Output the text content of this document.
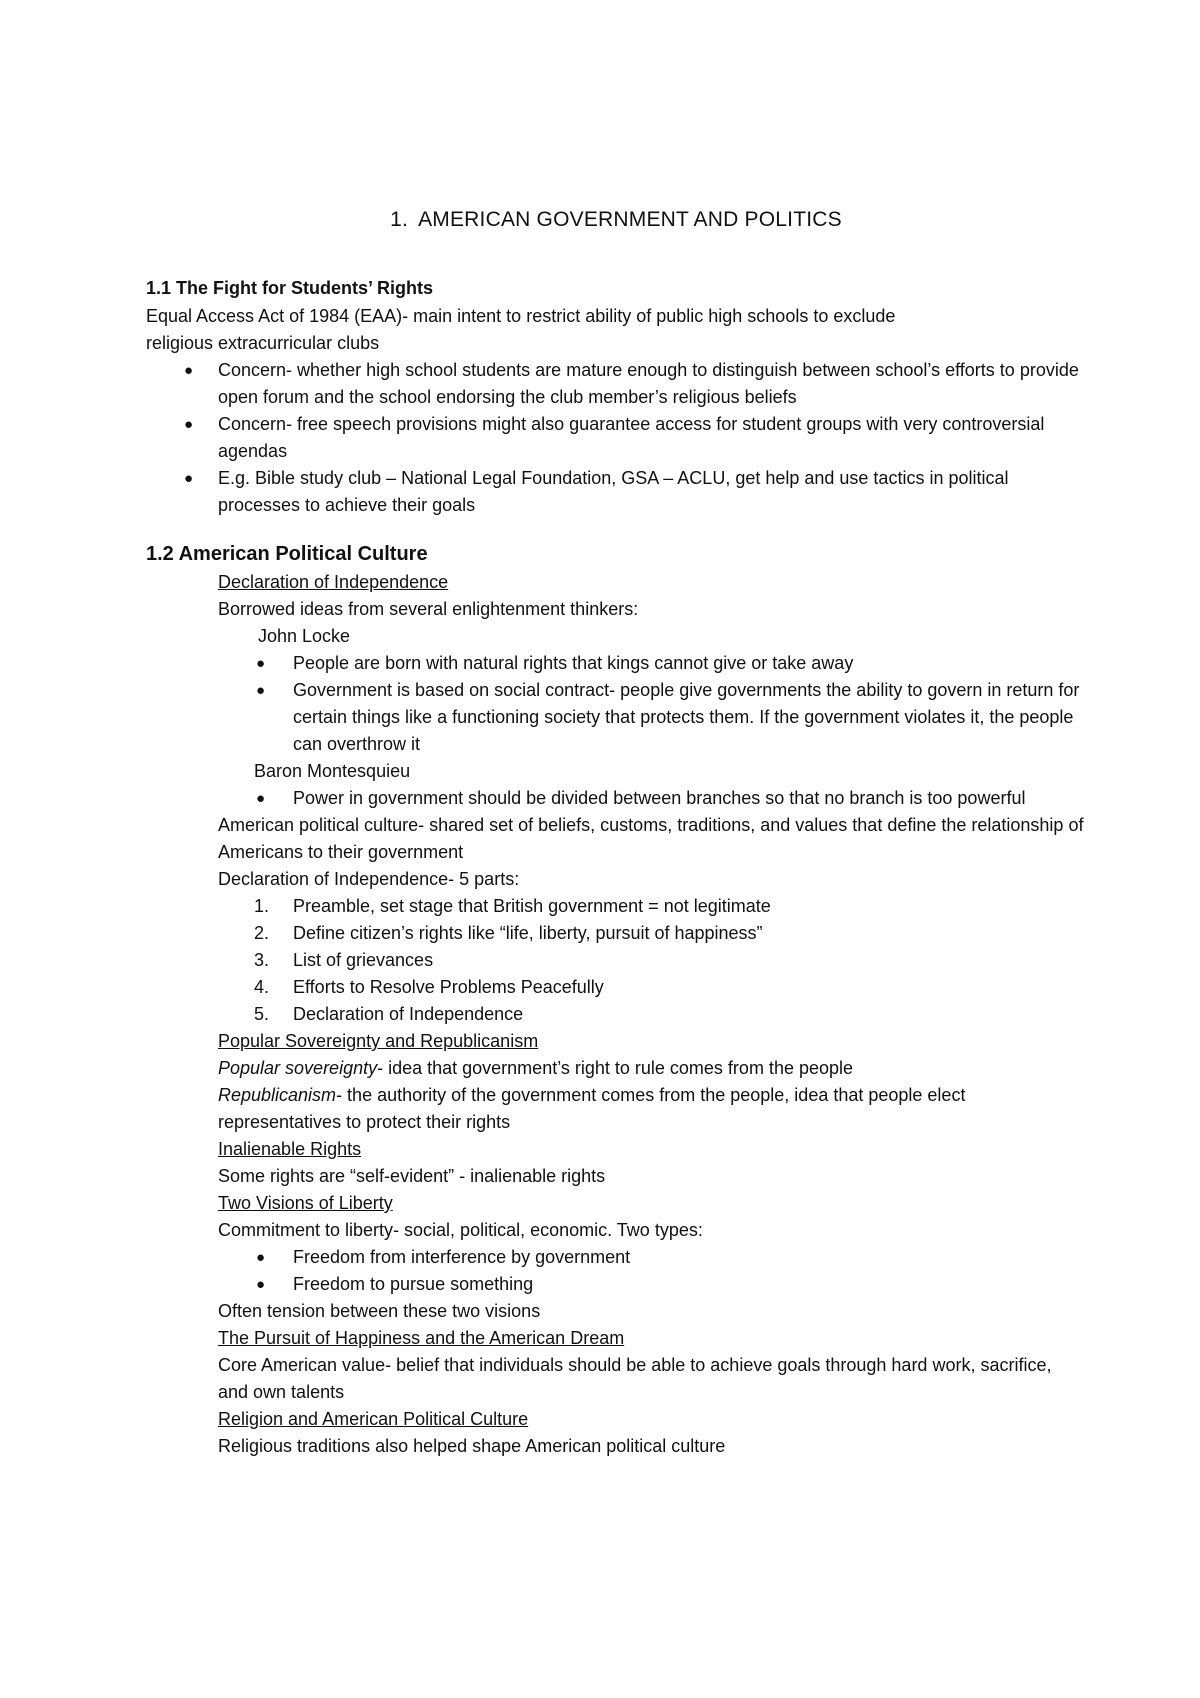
1. AMERICAN GOVERNMENT AND POLITICS

1.1 The Fight for Students’ Rights

Equal Access Act of 1984 (EAA)- main intent to restrict ability of public high schools to exclude

religious extracurricular clubs

● Concern- whether high school students are mature enough to distinguish between school’s efforts to provide open forum and the school endorsing the club member’s religious beliefs
● Concern- free speech provisions might also guarantee access for student groups with very controversial agendas
● E.g. Bible study club – National Legal Foundation, GSA – ACLU, get help and use tactics in political processes to achieve their goals

1.2 American Political Culture

Declaration of Independence

Borrowed ideas from several enlightenment thinkers:

John Locke

● People are born with natural rights that kings cannot give or take away
● Government is based on social contract- people give governments the ability to govern in return for certain things like a functioning society that protects them. If the government violates it, the people can overthrow it

Baron Montesquieu

● Power in government should be divided between branches so that no branch is too powerful

American political culture- shared set of beliefs, customs, traditions, and values that define the relationship of Americans to their government

Declaration of Independence- 5 parts:

1. Preamble, set stage that British government = not legitimate
2. Define citizen’s rights like “life, liberty, pursuit of happiness”
3. List of grievances
4. Efforts to Resolve Problems Peacefully
5. Declaration of Independence

Popular Sovereignty and Republicanism

Popular sovereignty- idea that government’s right to rule comes from the people

Republicanism- the authority of the government comes from the people, idea that people elect representatives to protect their rights

Inalienable Rights

Some rights are “self-evident” - inalienable rights

Two Visions of Liberty

Commitment to liberty- social, political, economic. Two types:

● Freedom from interference by government
● Freedom to pursue something

Often tension between these two visions

The Pursuit of Happiness and the American Dream

Core American value- belief that individuals should be able to achieve goals through hard work, sacrifice, and own talents

Religion and American Political Culture

Religious traditions also helped shape American political culture
